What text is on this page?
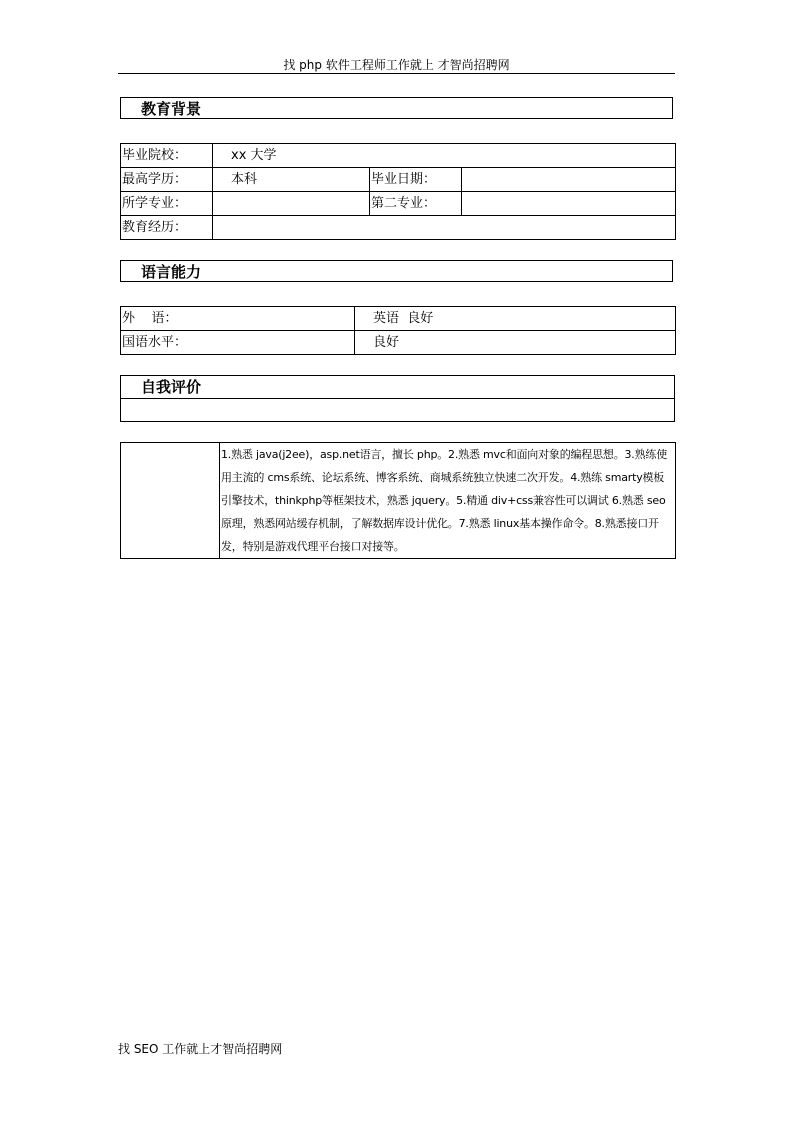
找 php 软件工程师工作就上 才智尚招聘网
教育背景
毕业院校：	xx 大学		
最高学历：	本科	毕业日期：	
所学专业：		第二专业：	
教育经历：			
语言能力
外    语：	英语  良好
国语水平：	良好
自我评价

1.熟悉 java(j2ee)，asp.net语言，擅长 php。2.熟悉 mvc和面向对象的编程思想。3.熟练使用主流的 cms系统、论坛系统、博客系统、商城系统独立快速二次开发。4.熟练 smarty模板引擎技术，thinkphp等框架技术，熟悉 jquery。5.精通 div+css兼容性可以调试 6.熟悉 seo原理，熟悉网站缓存机制，了解数据库设计优化。7.熟悉 linux基本操作命令。8.熟悉接口开发，特别是游戏代理平台接口对接等。
找 SEO 工作就上才智尚招聘网
